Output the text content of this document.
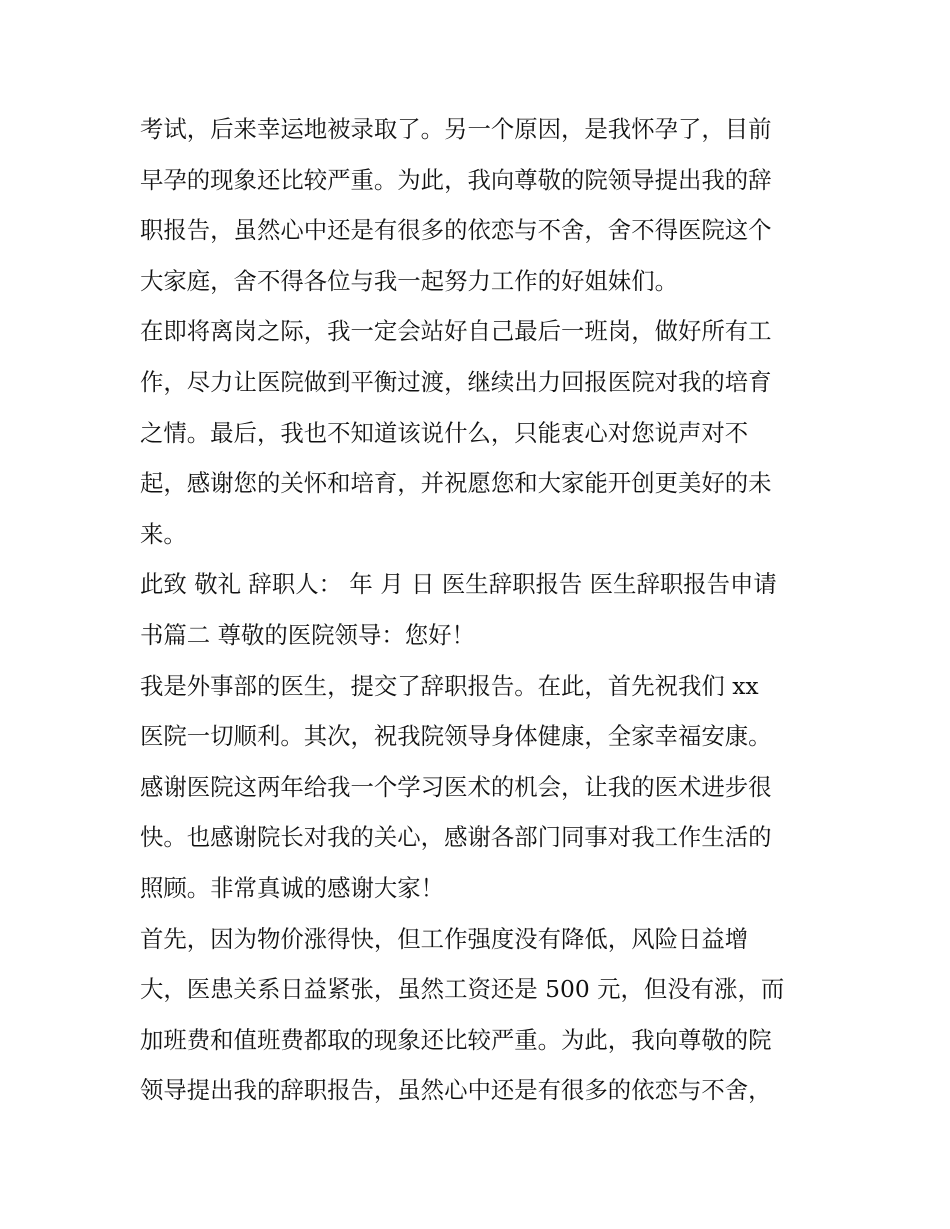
考试，后来幸运地被录取了。另一个原因，是我怀孕了，目前
早孕的现象还比较严重。为此，我向尊敬的院领导提出我的辞
职报告，虽然心中还是有很多的依恋与不舍，舍不得医院这个
大家庭，舍不得各位与我一起努力工作的好姐妹们。
在即将离岗之际，我一定会站好自己最后一班岗，做好所有工
作，尽力让医院做到平衡过渡，继续出力回报医院对我的培育
之情。最后，我也不知道该说什么，只能衷心对您说声对不
起，感谢您的关怀和培育，并祝愿您和大家能开创更美好的未
来。
此致 敬礼 辞职人： 年 月 日 医生辞职报告 医生辞职报告申请
书篇二 尊敬的医院领导：您好！
我是外事部的医生，提交了辞职报告。在此，首先祝我们 xx
医院一切顺利。其次，祝我院领导身体健康，全家幸福安康。
感谢医院这两年给我一个学习医术的机会，让我的医术进步很
快。也感谢院长对我的关心，感谢各部门同事对我工作生活的
照顾。非常真诚的感谢大家！
首先，因为物价涨得快，但工作强度没有降低，风险日益增
大，医患关系日益紧张，虽然工资还是 500 元，但没有涨，而
加班费和值班费都取的现象还比较严重。为此，我向尊敬的院
领导提出我的辞职报告，虽然心中还是有很多的依恋与不舍，
